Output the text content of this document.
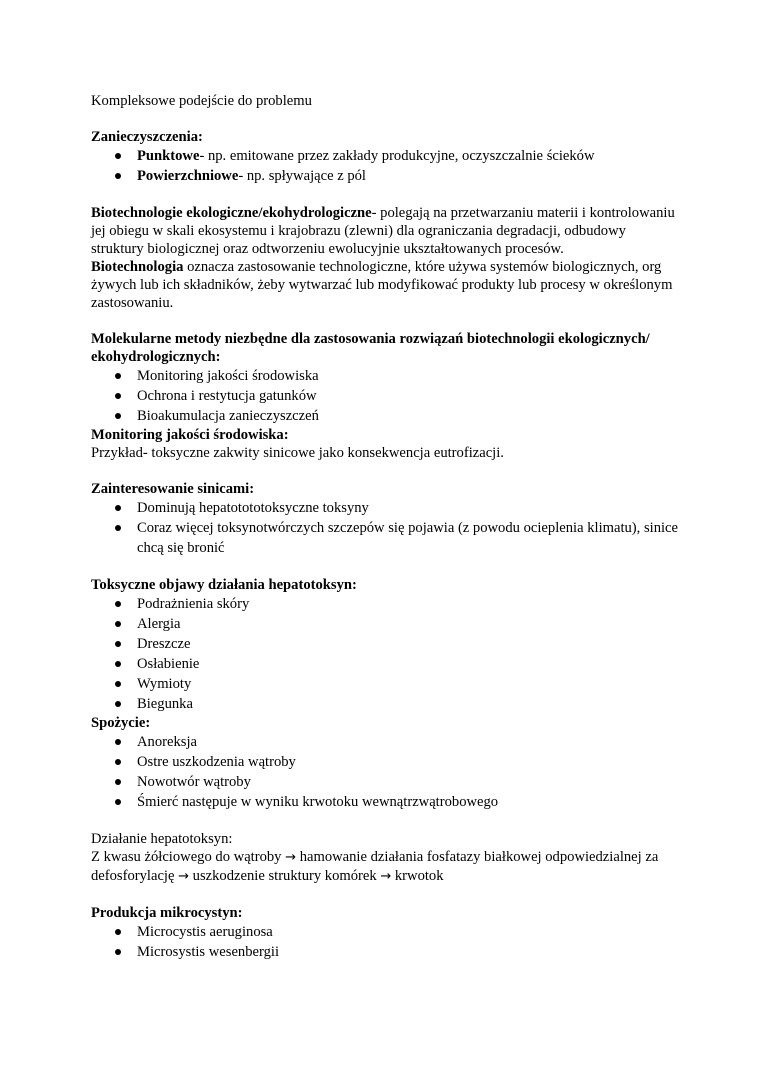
Kompleksowe podejście do problemu

Zanieczyszczenia:

Punktowe- np. emitowane przez zakłady produkcyjne, oczyszczalnie ścieków
Powierzchniowe- np. spływające z pól

Biotechnologie ekologiczne/ekohydrologiczne- polegają na przetwarzaniu materii i kontrolowaniu jej obiegu w skali ekosystemu i krajobrazu (zlewni) dla ograniczania degradacji, odbudowy struktury biologicznej oraz odtworzeniu ewolucyjnie ukształtowanych procesów.

Biotechnologia oznacza zastosowanie technologiczne, które używa systemów biologicznych, org żywych lub ich składników, żeby wytwarzać lub modyfikować produkty lub procesy w określonym zastosowaniu.

Molekularne metody niezbędne dla zastosowania rozwiązań biotechnologii ekologicznych/ ekohydrologicznych:

Monitoring jakości środowiska
Ochrona i restytucja gatunków
Bioakumulacja zanieczyszczeń

Monitoring jakości środowiska:

Przykład- toksyczne zakwity sinicowe jako konsekwencja eutrofizacji.

Zainteresowanie sinicami:

Dominują hepatotototoksyczne toksyny
Coraz więcej toksynotwórczych szczepów się pojawia (z powodu ocieplenia klimatu), sinice chcą się bronić

Toksyczne objawy działania hepatotoksyn:

Podrażnienia skóry
Alergia
Dreszcze
Osłabienie
Wymioty
Biegunka

Spożycie:

Anoreksja
Ostre uszkodzenia wątroby
Nowotwór wątroby
Śmierć następuje w wyniku krwotoku wewnątrzwątrobowego

Działanie hepatotoksyn:

Z kwasu żółciowego do wątroby → hamowanie działania fosfatazy białkowej odpowiedzialnej za defosforylację → uszkodzenie struktury komórek → krwotok

Produkcja mikrocystyn:

Microcystis aeruginosa
Microsystis wesenbergii
